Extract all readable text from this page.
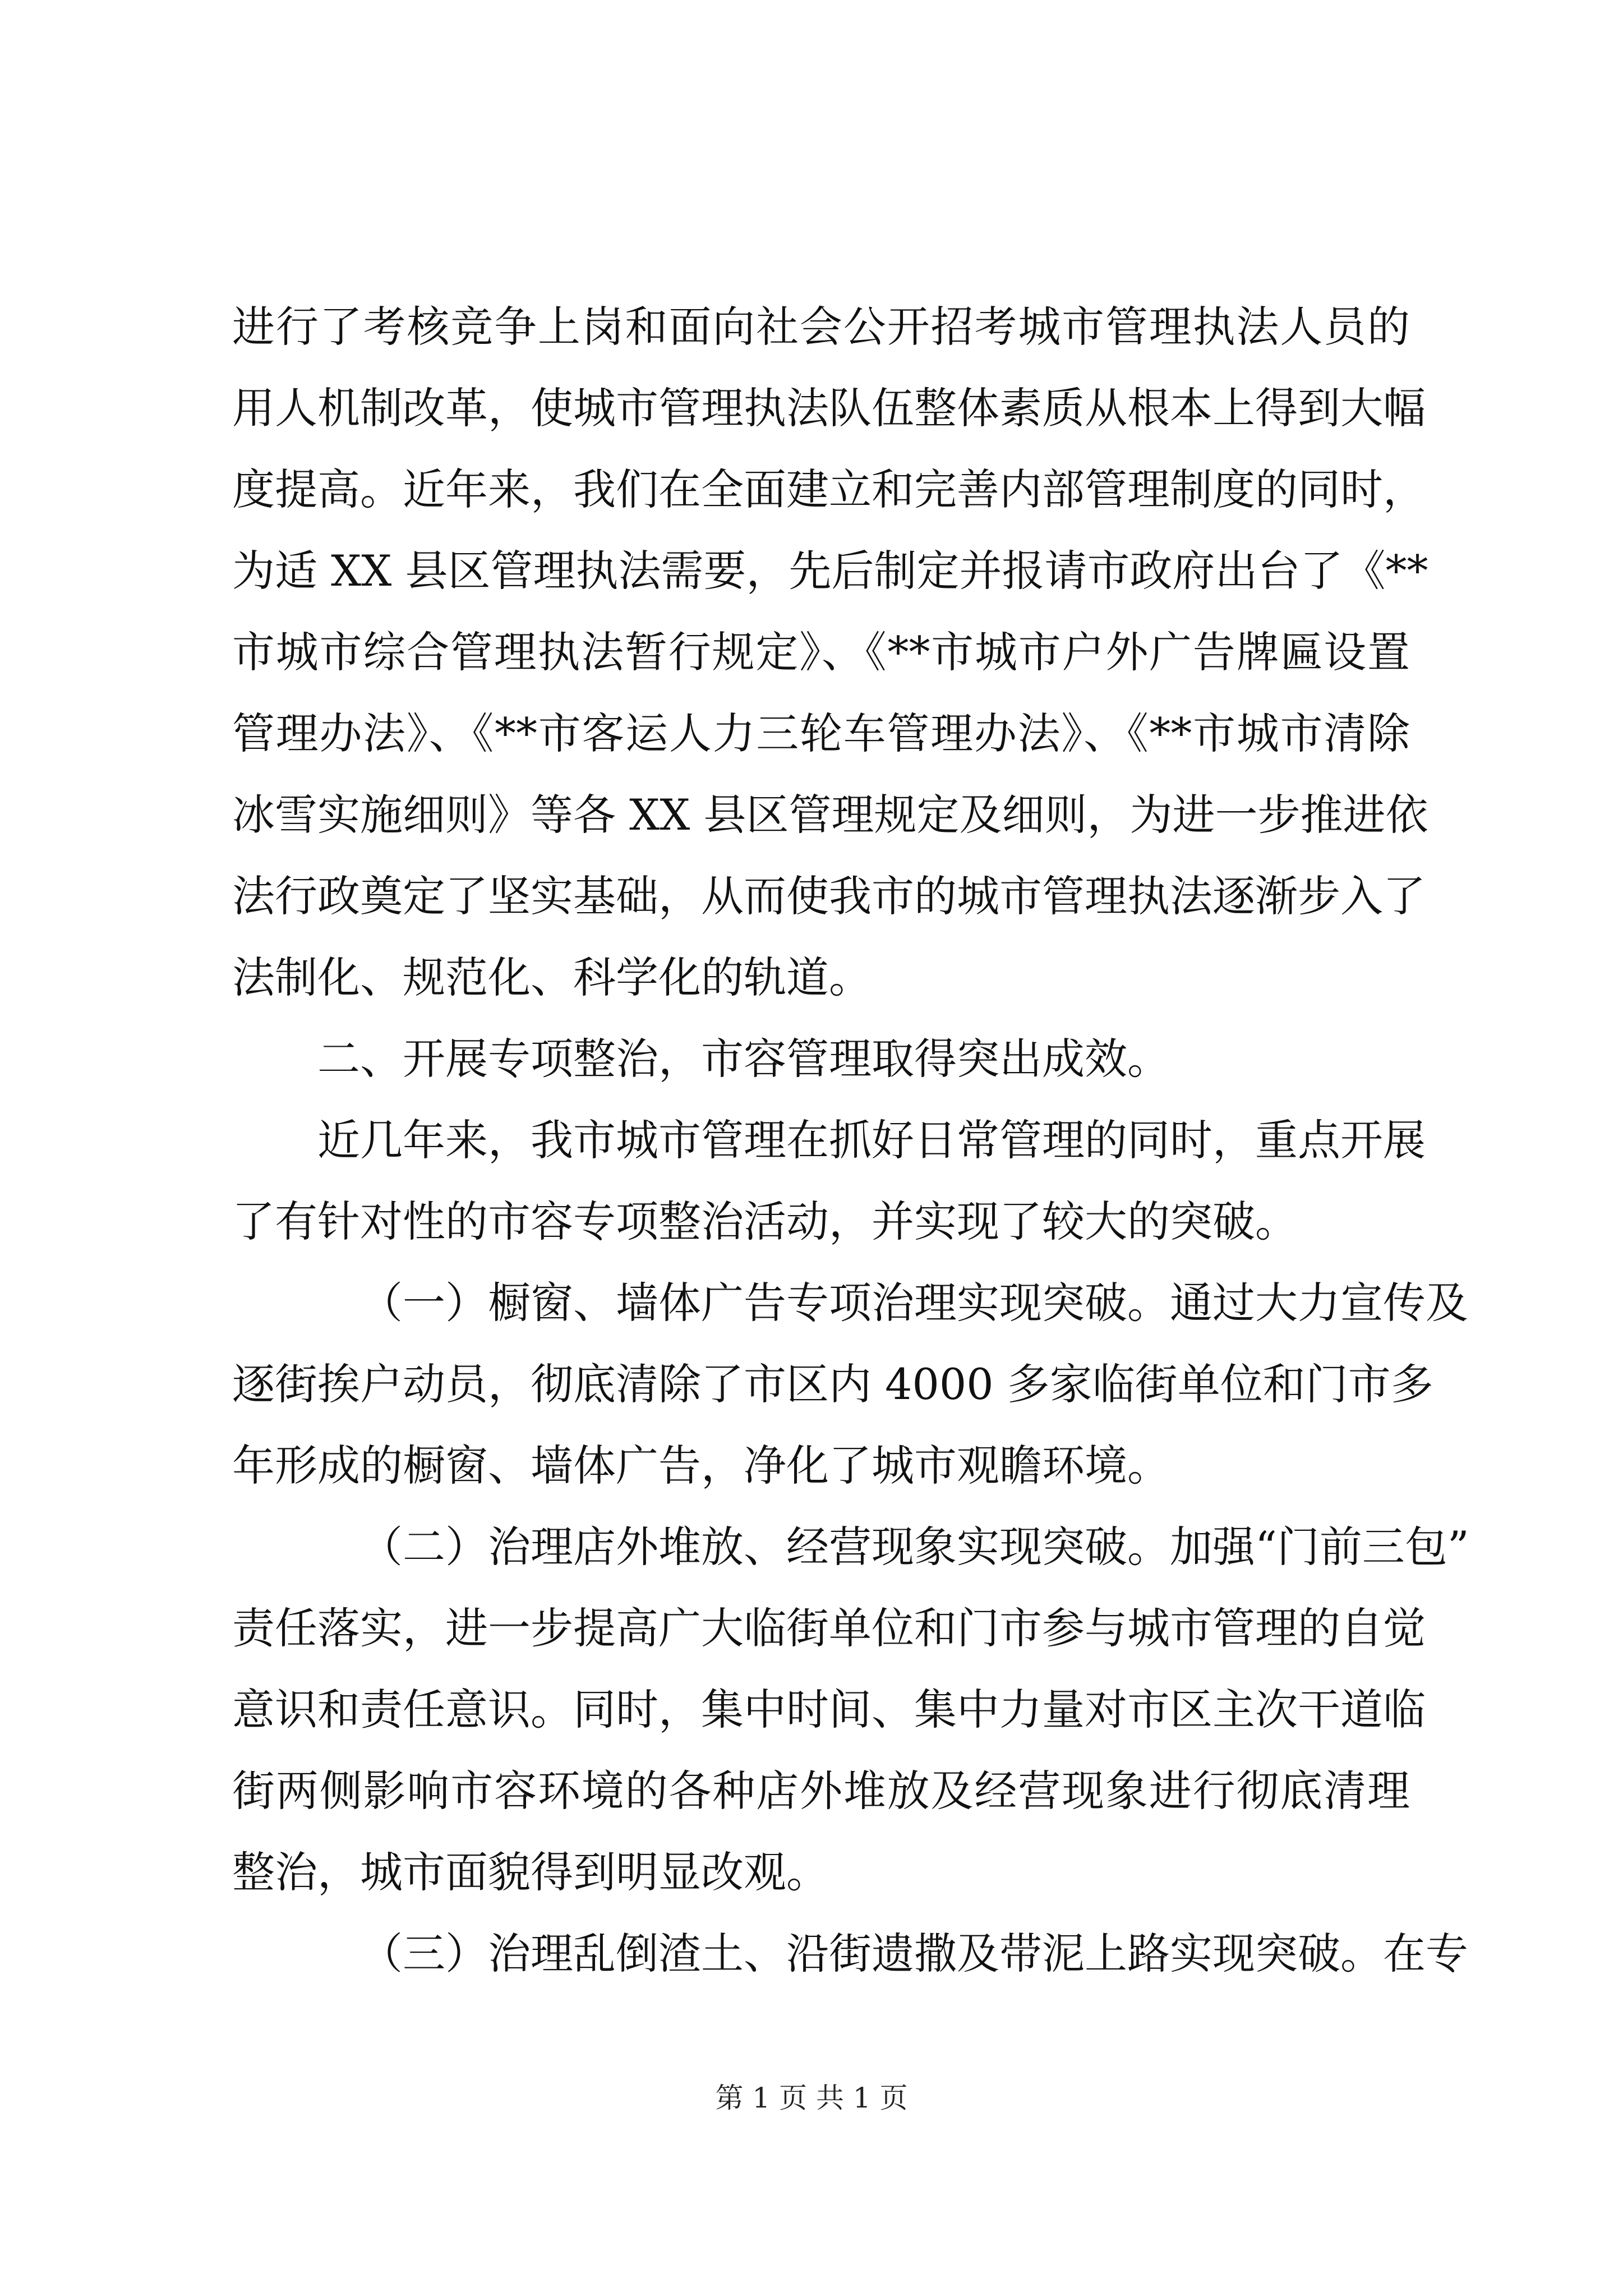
进行了考核竞争上岗和面向社会公开招考城市管理执法人员的
用人机制改革，使城市管理执法队伍整体素质从根本上得到大幅
度提高。近年来，我们在全面建立和完善内部管理制度的同时，
为适 XX 县区管理执法需要，先后制定并报请市政府出台了《**
市城市综合管理执法暂行规定》、《**市城市户外广告牌匾设置
管理办法》、《**市客运人力三轮车管理办法》、《**市城市清除
冰雪实施细则》等各 XX 县区管理规定及细则，为进一步推进依
法行政奠定了坚实基础，从而使我市的城市管理执法逐渐步入了
法制化、规范化、科学化的轨道。
二、开展专项整治，市容管理取得突出成效。
近几年来，我市城市管理在抓好日常管理的同时，重点开展
了有针对性的市容专项整治活动，并实现了较大的突破。
（一）橱窗、墙体广告专项治理实现突破。通过大力宣传及
逐街挨户动员，彻底清除了市区内 4000 多家临街单位和门市多
年形成的橱窗、墙体广告，净化了城市观瞻环境。
（二）治理店外堆放、经营现象实现突破。加强“门前三包”
责任落实，进一步提高广大临街单位和门市参与城市管理的自觉
意识和责任意识。同时，集中时间、集中力量对市区主次干道临
街两侧影响市容环境的各种店外堆放及经营现象进行彻底清理
整治，城市面貌得到明显改观。
（三）治理乱倒渣土、沿街遗撒及带泥上路实现突破。在专
第 1 页 共 1 页
